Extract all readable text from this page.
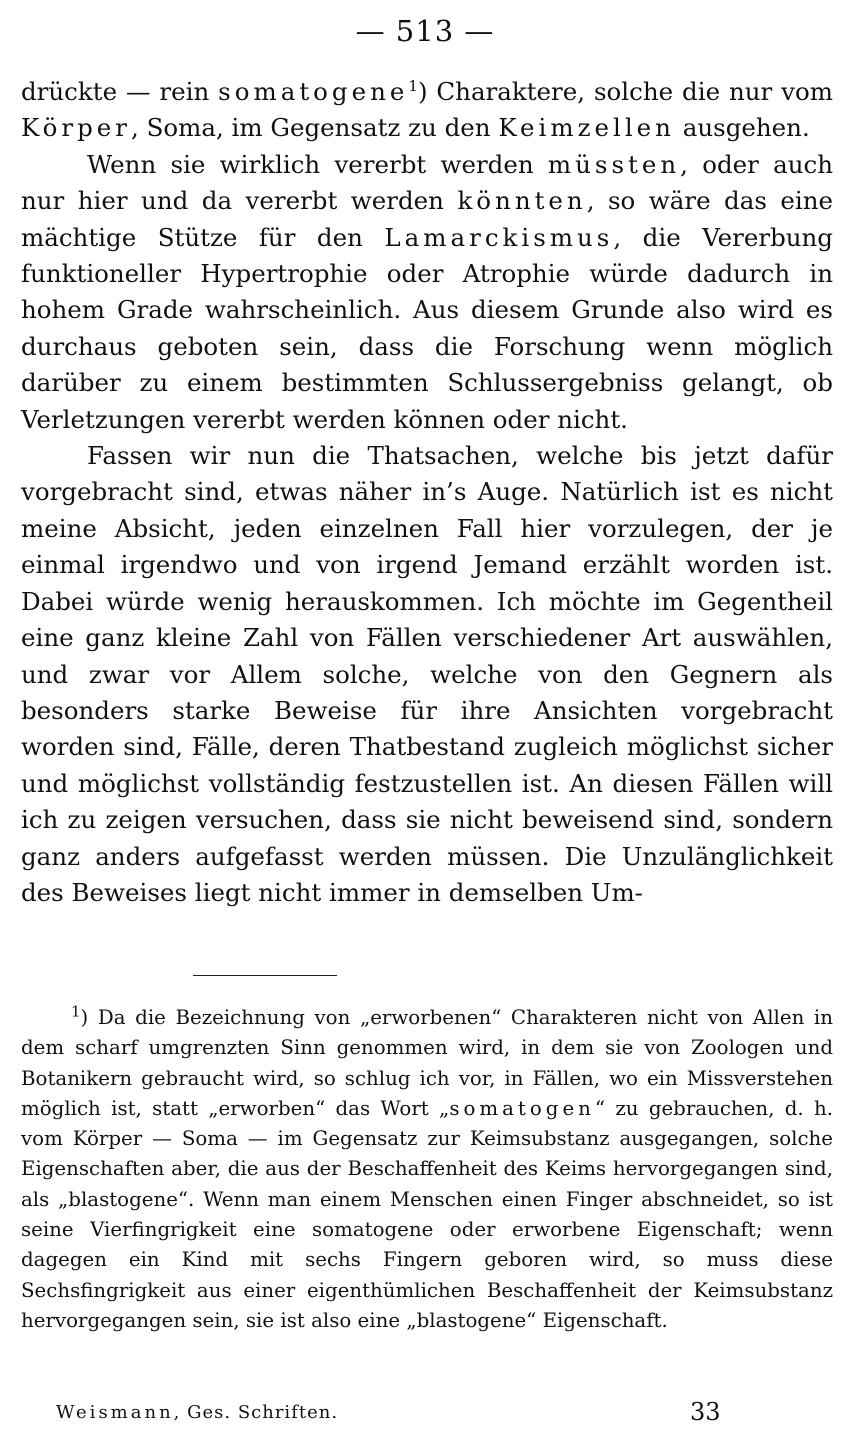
— 513 —

drückte — rein somatogene$^1$) Charaktere, solche die nur vom Körper, Soma, im Gegensatz zu den Keimzellen ausgehen.

Wenn sie wirklich vererbt werden müssten, oder auch nur hier und da vererbt werden könnten, so wäre das eine mächtige Stütze für den Lamarckismus, die Vererbung funktioneller Hypertrophie oder Atrophie würde dadurch in hohem Grade wahrscheinlich. Aus diesem Grunde also wird es durchaus geboten sein, dass die Forschung wenn möglich darüber zu einem bestimmten Schlussergebniss gelangt, ob Verletzungen vererbt werden können oder nicht.

Fassen wir nun die Thatsachen, welche bis jetzt dafür vorgebracht sind, etwas näher in’s Auge. Natürlich ist es nicht meine Absicht, jeden einzelnen Fall hier vorzulegen, der je einmal irgendwo und von irgend Jemand erzählt worden ist. Dabei würde wenig herauskommen. Ich möchte im Gegentheil eine ganz kleine Zahl von Fällen verschiedener Art auswählen, und zwar vor Allem solche, welche von den Gegnern als besonders starke Beweise für ihre Ansichten vorgebracht worden sind, Fälle, deren Thatbestand zugleich möglichst sicher und möglichst vollständig festzustellen ist. An diesen Fällen will ich zu zeigen versuchen, dass sie nicht beweisend sind, sondern ganz anders aufgefasst werden müssen. Die Unzulänglichkeit des Beweises liegt nicht immer in demselben Um-

$^1$) Da die Bezeichnung von „erworbenen“ Charakteren nicht von Allen in dem scharf umgrenzten Sinn genommen wird, in dem sie von Zoologen und Botanikern gebraucht wird, so schlug ich vor, in Fällen, wo ein Missverstehen möglich ist, statt „erworben“ das Wort „somatogen“ zu gebrauchen, d. h. vom Körper — Soma — im Gegensatz zur Keimsubstanz ausgegangen, solche Eigenschaften aber, die aus der Beschaffenheit des Keims hervorgegangen sind, als „blastogene“. Wenn man einem Menschen einen Finger abschneidet, so ist seine Vierfingrigkeit eine somatogene oder erworbene Eigenschaft; wenn dagegen ein Kind mit sechs Fingern geboren wird, so muss diese Sechsfingrigkeit aus einer eigenthümlichen Beschaffenheit der Keimsubstanz hervorgegangen sein, sie ist also eine „blastogene“ Eigenschaft.

Weismann, Ges. Schriften.	33
